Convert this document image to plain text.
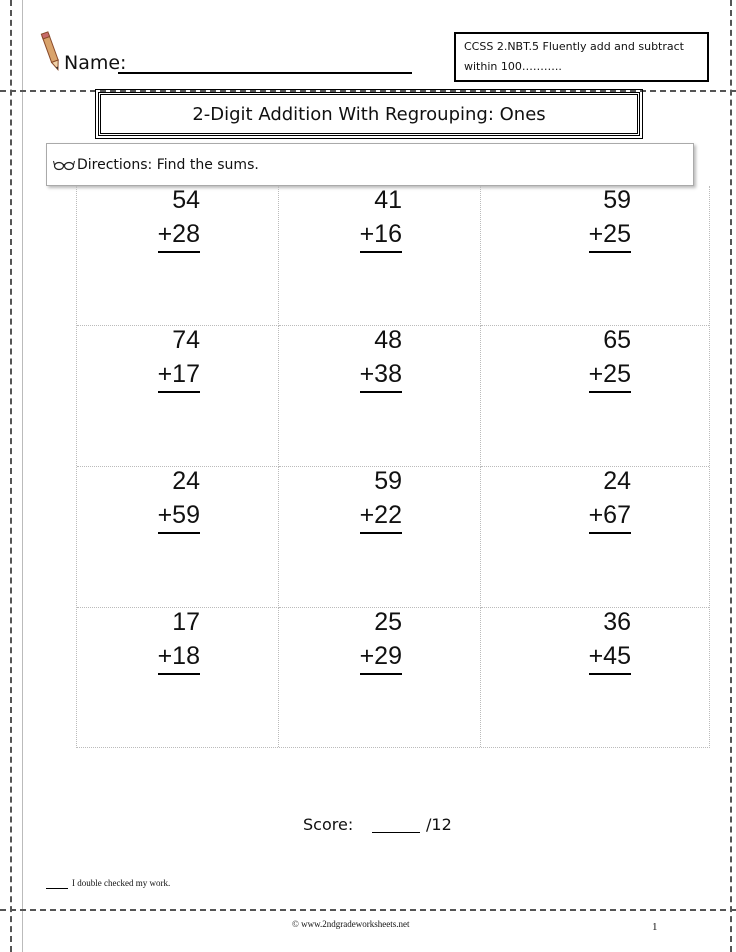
Name:
CCSS 2.NBT.5 Fluently add and subtract within 100………..
2-Digit Addition With Regrouping: Ones
Directions: Find the sums.
54
+28
41
+16
59
+25
74
+17
48
+38
65
+25
24
+59
59
+22
24
+67
17
+18
25
+29
36
+45
Score:	/12
I double checked my work.
© www.2ndgradeworksheets.net	1
